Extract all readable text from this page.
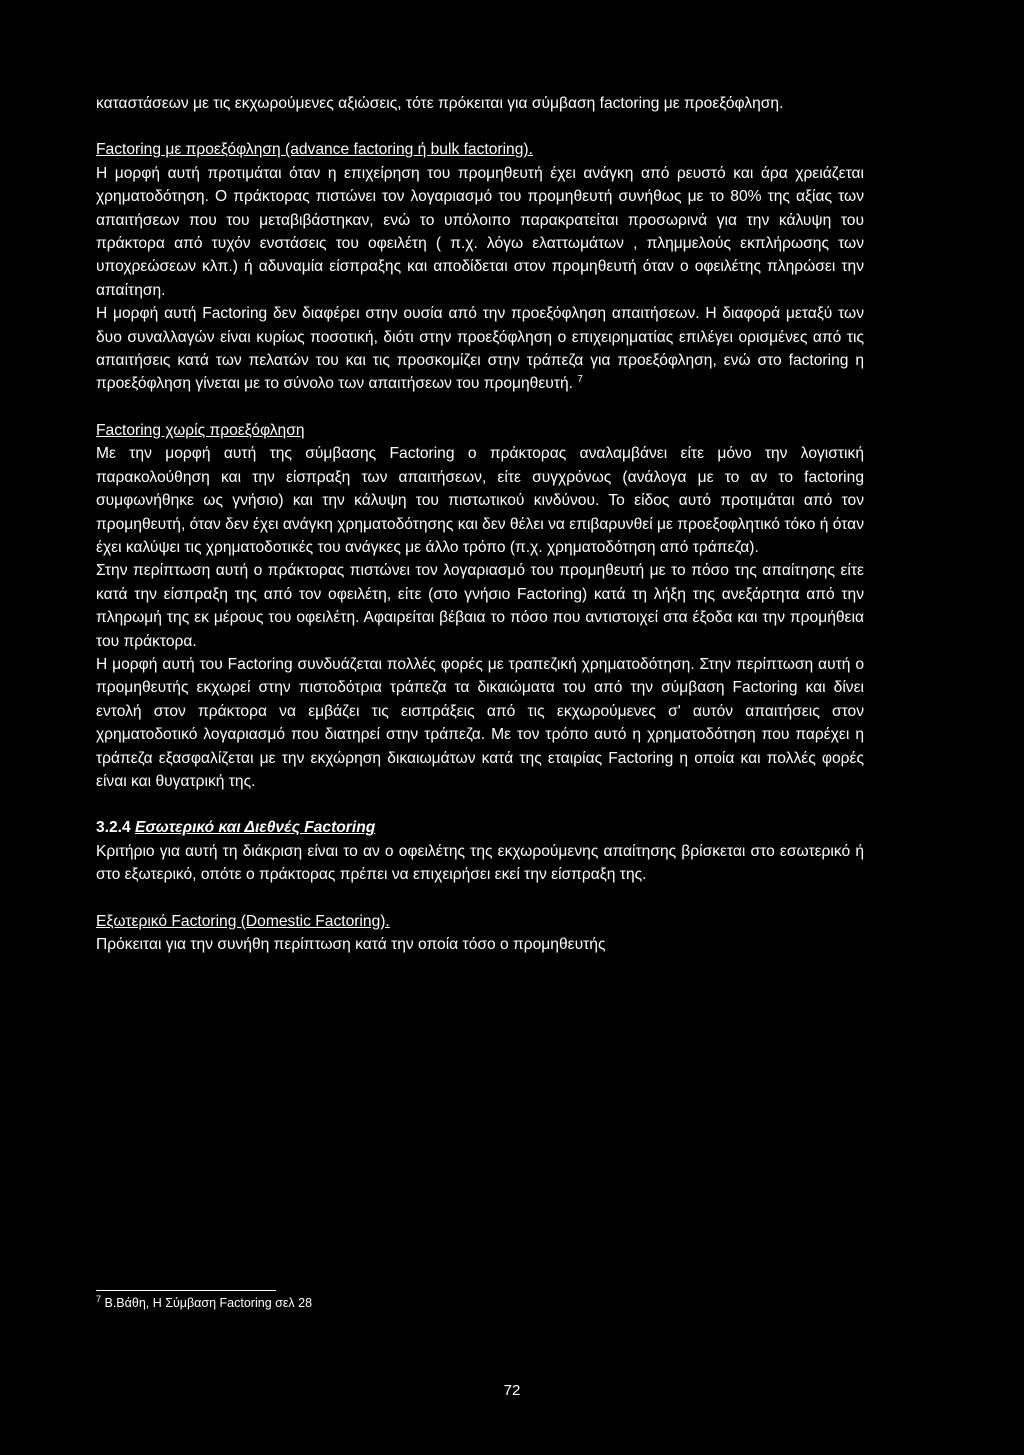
καταστάσεων με τις εκχωρούμενες αξιώσεις, τότε πρόκειται για σύμβαση factoring με προεξόφληση.

Factoring με προεξόφληση (advance factoring ή bulk factoring).

Η μορφή αυτή προτιμάται όταν η επιχείρηση του προμηθευτή έχει ανάγκη από ρευστό και άρα χρειάζεται χρηματοδότηση. Ο πράκτορας πιστώνει τον λογαριασμό του προμηθευτή συνήθως με το 80% της αξίας των απαιτήσεων που του μεταβιβάστηκαν, ενώ το υπόλοιπο παρακρατείται προσωρινά για την κάλυψη του πράκτορα από τυχόν ενστάσεις του οφειλέτη ( π.χ. λόγω ελαττωμάτων , πλημμελούς εκπλήρωσης των υποχρεώσεων κλπ.) ή αδυναμία είσπραξης και αποδίδεται στον προμηθευτή όταν ο οφειλέτης πληρώσει την απαίτηση.

Η μορφή αυτή Factoring δεν διαφέρει στην ουσία από την προεξόφληση απαιτήσεων. Η διαφορά μεταξύ των δυο συναλλαγών είναι κυρίως ποσοτική, διότι στην προεξόφληση ο επιχειρηματίας επιλέγει ορισμένες από τις απαιτήσεις κατά των πελατών του και τις προσκομίζει στην τράπεζα για προεξόφληση, ενώ στο factoring η προεξόφληση γίνεται με το σύνολο των απαιτήσεων του προμηθευτή. $^7$

Factoring χωρίς προεξόφληση

Με την μορφή αυτή της σύμβασης Factoring ο πράκτορας αναλαμβάνει είτε μόνο την λογιστική παρακολούθηση και την είσπραξη των απαιτήσεων, είτε συγχρόνως (ανάλογα με το αν το factoring συμφωνήθηκε ως γνήσιο) και την κάλυψη του πιστωτικού κινδύνου. Το είδος αυτό προτιμάται από τον προμηθευτή, όταν δεν έχει ανάγκη χρηματοδότησης και δεν θέλει να επιβαρυνθεί με προεξοφλητικό τόκο ή όταν έχει καλύψει τις χρηματοδοτικές του ανάγκες με άλλο τρόπο (π.χ. χρηματοδότηση από τράπεζα).

Στην περίπτωση αυτή ο πράκτορας πιστώνει τον λογαριασμό του προμηθευτή με το πόσο της απαίτησης είτε κατά την είσπραξη της από τον οφειλέτη, είτε (στο γνήσιο Factoring) κατά τη λήξη της ανεξάρτητα από την πληρωμή της εκ μέρους του οφειλέτη. Αφαιρείται βέβαια το πόσο που αντιστοιχεί στα έξοδα και την προμήθεια του πράκτορα.

Η μορφή αυτή του Factoring συνδυάζεται πολλές φορές με τραπεζική χρηματοδότηση. Στην περίπτωση αυτή ο προμηθευτής εκχωρεί στην πιστοδότρια τράπεζα τα δικαιώματα του από την σύμβαση Factoring και δίνει εντολή στον πράκτορα να εμβάζει τις εισπράξεις από τις εκχωρούμενες σ' αυτόν απαιτήσεις στον χρηματοδοτικό λογαριασμό που διατηρεί στην τράπεζα. Με τον τρόπο αυτό η χρηματοδότηση που παρέχει η τράπεζα εξασφαλίζεται με την εκχώρηση δικαιωμάτων κατά της εταιρίας Factoring η οποία και πολλές φορές είναι και θυγατρική της.

3.2.4 Εσωτερικό και Διεθνές Factoring

Κριτήριο για αυτή τη διάκριση είναι το αν ο οφειλέτης της εκχωρούμενης απαίτησης βρίσκεται στο εσωτερικό ή στο εξωτερικό, οπότε ο πράκτορας πρέπει να επιχειρήσει εκεί την είσπραξη της.

Εξωτερικό Factoring (Domestic Factoring).

Πρόκειται για την συνήθη περίπτωση κατά την οποία τόσο ο προμηθευτής

$^7$ Β.Βάθη, Η Σύμβαση Factoring σελ 28
72
